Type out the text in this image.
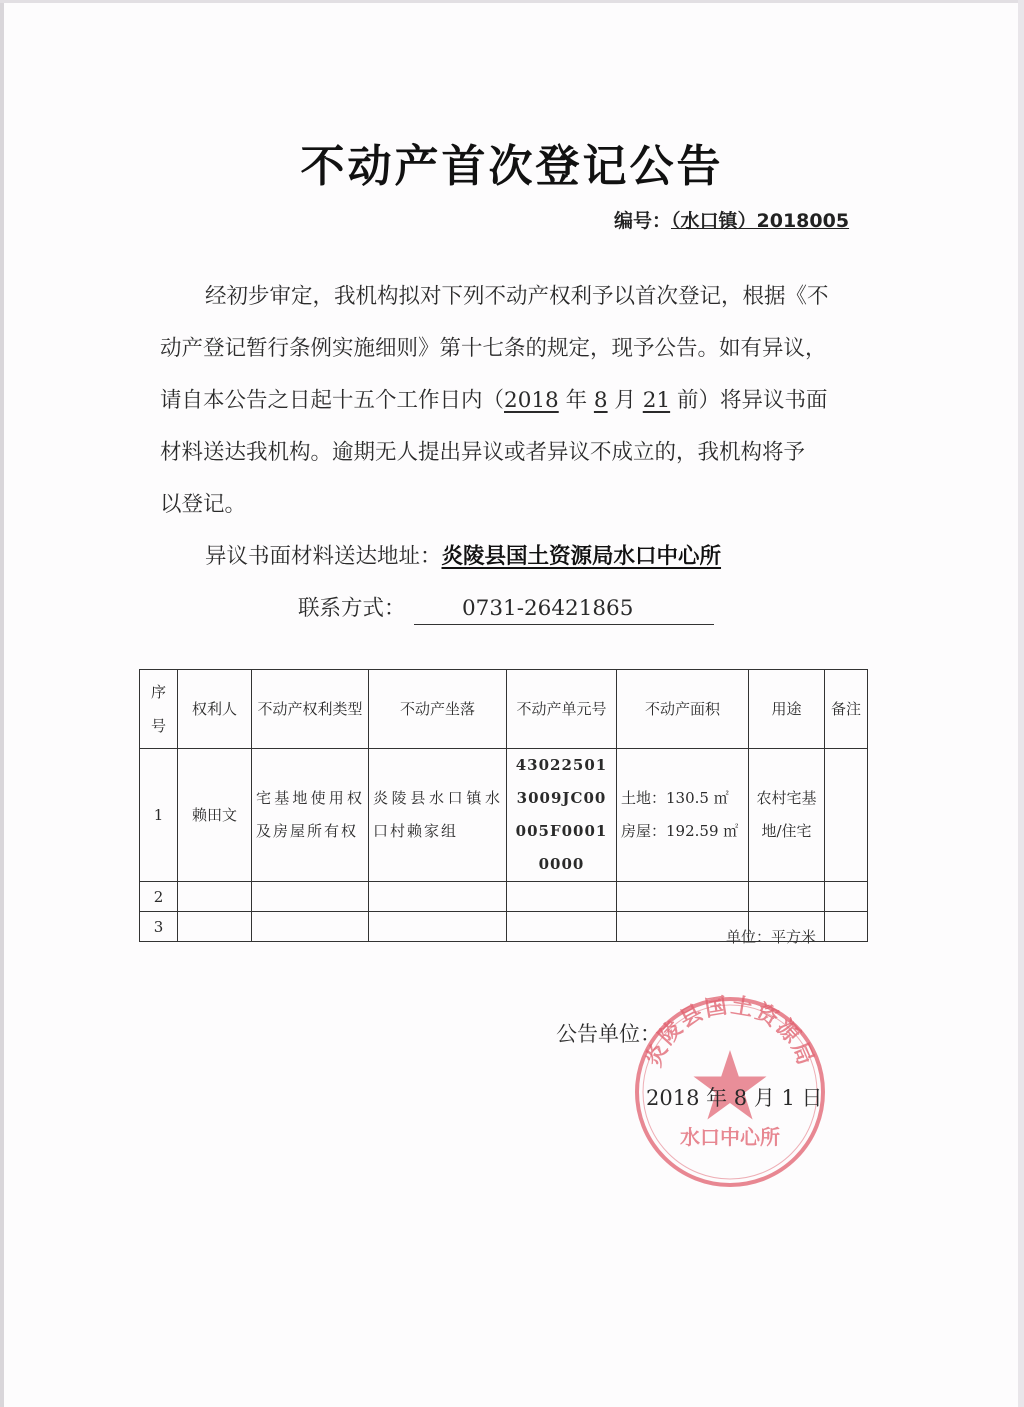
不动产首次登记公告
编号：（水口镇）2018005
经初步审定，我机构拟对下列不动产权利予以首次登记，根据《不
动产登记暂行条例实施细则》第十七条的规定，现予公告。如有异议，
请自本公告之日起十五个工作日内（2018 年 8 月 21 前）将异议书面
材料送达我机构。逾期无人提出异议或者异议不成立的，我机构将予
以登记。
异议书面材料送达地址：炎陵县国土资源局水口中心所
联系方式：	0731-26421865
序号	权利人	不动产权利类型	不动产坐落	不动产单元号	不动产面积	用途	备注
1	赖田文	宅基地使用权及房屋所有权	炎陵县水口镇水口村赖家组	430225013009JC00005F00010000	土地：130.5 ㎡
房屋：192.59 ㎡	农村宅基地/住宅	
2							
3							
单位：平方米
公告单位：
炎陵县国土资源局
水口中心所
2018 年 8 月 1 日
